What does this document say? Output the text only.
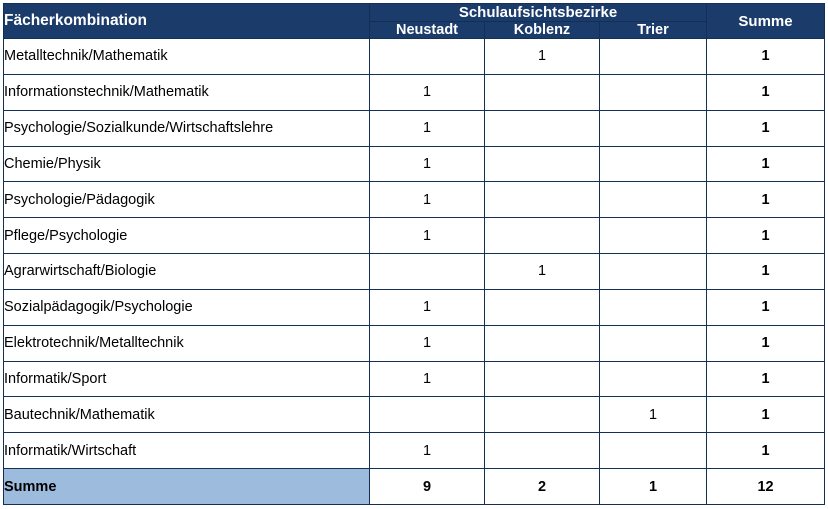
Fächerkombination	Schulaufsichtsbezirke			Summe
	Neustadt	Koblenz	Trier	
Metalltechnik/Mathematik		1		1
Informationstechnik/Mathematik	1			1
Psychologie/Sozialkunde/Wirtschaftslehre	1			1
Chemie/Physik	1			1
Psychologie/Pädagogik	1			1
Pflege/Psychologie	1			1
Agrarwirtschaft/Biologie		1		1
Sozialpädagogik/Psychologie	1			1
Elektrotechnik/Metalltechnik	1			1
Informatik/Sport	1			1
Bautechnik/Mathematik			1	1
Informatik/Wirtschaft	1			1
Summe	9	2	1	12
